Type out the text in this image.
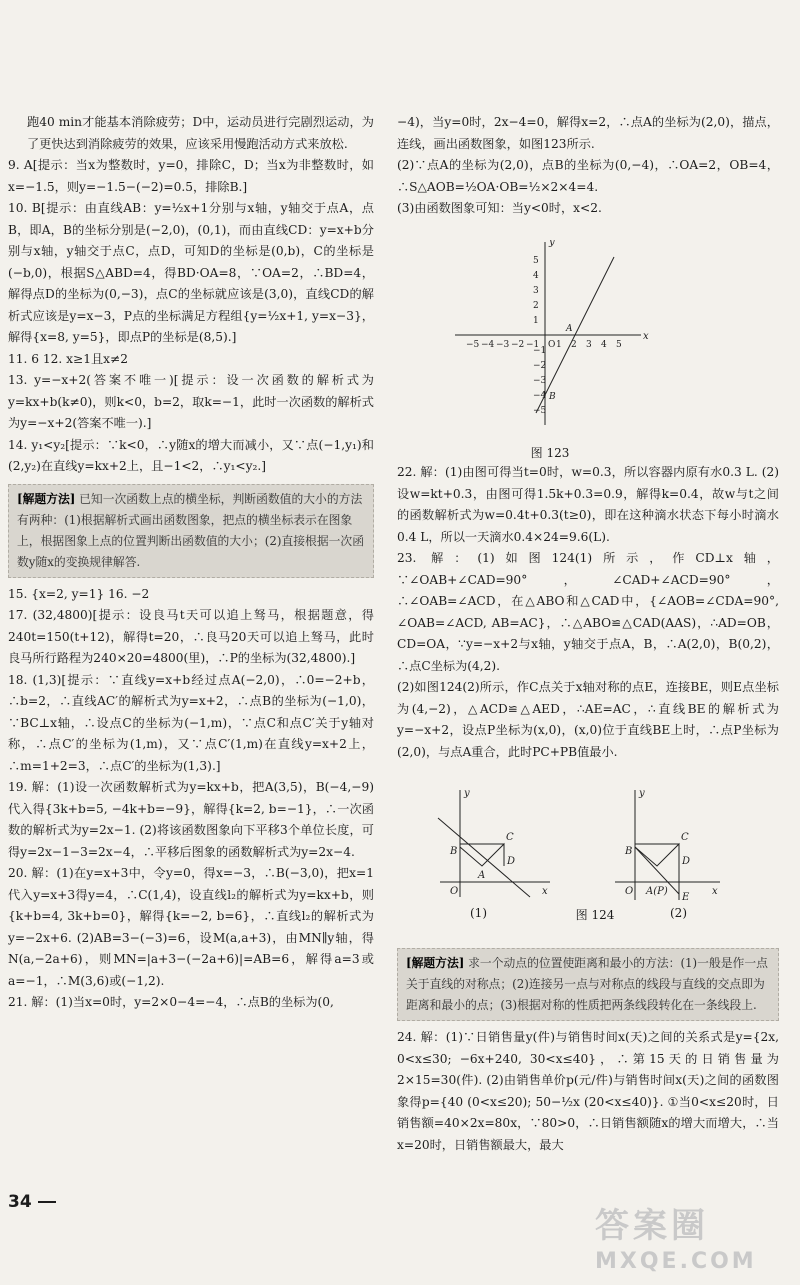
跑40 min才能基本消除疲劳；D中，运动员进行完剧烈运动，为了更快达到消除疲劳的效果，应该采用慢跑活动方式来放松.

9. A[提示：当x为整数时，y=0，排除C，D；当x为非整数时，如x=−1.5，则y=−1.5−(−2)=0.5，排除B.]

10. B[提示：由直线AB：y=½x+1分别与x轴，y轴交于点A，点B，即A，B的坐标分别是(−2,0)，(0,1)，而由直线CD：y=x+b分别与x轴，y轴交于点C，点D，可知D的坐标是(0,b)，C的坐标是(−b,0)，根据S△ABD=4，得BD·OA=8，∵OA=2，∴BD=4，解得点D的坐标为(0,−3)，点C的坐标就应该是(3,0)，直线CD的解析式应该是y=x−3，P点的坐标满足方程组{y=½x+1, y=x−3}，解得{x=8, y=5}，即点P的坐标是(8,5).]

11. 6 12. x≥1且x≠2

13. y=−x+2(答案不唯一)[提示：设一次函数的解析式为y=kx+b(k≠0)，则k<0，b=2，取k=−1，此时一次函数的解析式为y=−x+2(答案不唯一).]

14. y₁<y₂[提示：∵k<0，∴y随x的增大而减小，又∵点(−1,y₁)和(2,y₂)在直线y=kx+2上，且−1<2，∴y₁<y₂.]

[解题方法] 已知一次函数上点的横坐标，判断函数值的大小的方法有两种：(1)根据解析式画出函数图象，把点的横坐标表示在图象上，根据图象上点的位置判断出函数值的大小；(2)直接根据一次函数y随x的变换规律解答.

15. {x=2, y=1} 16. −2

17. (32,4800)[提示：设良马t天可以追上驽马，根据题意，得240t=150(t+12)，解得t=20，∴良马20天可以追上驽马，此时良马所行路程为240×20=4800(里)，∴P的坐标为(32,4800).]

18. (1,3)[提示：∵直线y=x+b经过点A(−2,0)，∴0=−2+b，∴b=2，∴直线AC′的解析式为y=x+2，∴点B的坐标为(−1,0)，∵BC⊥x轴，∴设点C的坐标为(−1,m)，∵点C和点C′关于y轴对称，∴点C′的坐标为(1,m)，又∵点C′(1,m)在直线y=x+2上，∴m=1+2=3，∴点C′的坐标为(1,3).]

19. 解：(1)设一次函数解析式为y=kx+b，把A(3,5)，B(−4,−9)代入得{3k+b=5, −4k+b=−9}，解得{k=2, b=−1}，∴一次函数的解析式为y=2x−1. (2)将该函数图象向下平移3个单位长度，可得y=2x−1−3=2x−4，∴平移后图象的函数解析式为y=2x−4.

20. 解：(1)在y=x+3中，令y=0，得x=−3，∴B(−3,0)，把x=1代入y=x+3得y=4，∴C(1,4)，设直线l₂的解析式为y=kx+b，则{k+b=4, 3k+b=0}，解得{k=−2, b=6}，∴直线l₂的解析式为y=−2x+6. (2)AB=3−(−3)=6，设M(a,a+3)，由MN∥y轴，得N(a,−2a+6)，则MN=|a+3−(−2a+6)|=AB=6，解得a=3或a=−1，∴M(3,6)或(−1,2).

21. 解：(1)当x=0时，y=2×0−4=−4，∴点B的坐标为(0,

−4)，当y=0时，2x−4=0，解得x=2，∴点A的坐标为(2,0)，描点，连线，画出函数图象，如图123所示.

(2)∵点A的坐标为(2,0)，点B的坐标为(0,−4)，∴OA=2，OB=4，∴S△AOB=½OA·OB=½×2×4=4.

(3)由函数图象可知：当y<0时，x<2.

−5 −4 −3 −2 −1 1 2 3 4 5
5
4
3
2
1
−1
−2
−3
−4
−5
x
y
O
A
B
图 123

22. 解：(1)由图可得当t=0时，w=0.3，所以容器内原有水0.3 L. (2)设w=kt+0.3，由图可得1.5k+0.3=0.9，解得k=0.4，故w与t之间的函数解析式为w=0.4t+0.3(t≥0)，即在这种滴水状态下每小时滴水0.4 L，所以一天滴水0.4×24=9.6(L).

23. 解：(1)如图124(1)所示，作CD⊥x轴，∵∠OAB+∠CAD=90°，∠CAD+∠ACD=90°，∴∠OAB=∠ACD，在△ABO和△CAD中，{∠AOB=∠CDA=90°, ∠OAB=∠ACD, AB=AC}，∴△ABO≌△CAD(AAS)，∴AD=OB，CD=OA，∵y=−x+2与x轴，y轴交于点A，B，∴A(2,0)，B(0,2)，∴点C坐标为(4,2).

(2)如图124(2)所示，作C点关于x轴对称的点E，连接BE，则E点坐标为(4,−2)，△ACD≌△AED，∴AE=AC，∴直线BE的解析式为y=−x+2，设点P坐标为(x,0)，(x,0)位于直线BE上时，∴点P坐标为(2,0)，与点A重合，此时PC+PB值最小.

y
x
O
A
B
C
D
y
x
O A(P)
B
C
D
E
(1)	图 124	(2)
[解题方法] 求一个动点的位置使距离和最小的方法：(1)一般是作一点关于直线的对称点；(2)连接另一点与对称点的线段与直线的交点即为距离和最小的点；(3)根据对称的性质把两条线段转化在一条线段上.

24. 解：(1)∵日销售量y(件)与销售时间x(天)之间的关系式是y={2x, 0<x≤30; −6x+240, 30<x≤40}，∴第15天的日销售量为2×15=30(件). (2)由销售单价p(元/件)与销售时间x(天)之间的函数图象得p={40 (0<x≤20); 50−½x (20<x≤40)}. ①当0<x≤20时，日销售额=40×2x=80x，∵80>0，∴日销售额随x的增大而增大，∴当x=20时，日销售额最大，最大

34
答案圈
MXQE.COM
